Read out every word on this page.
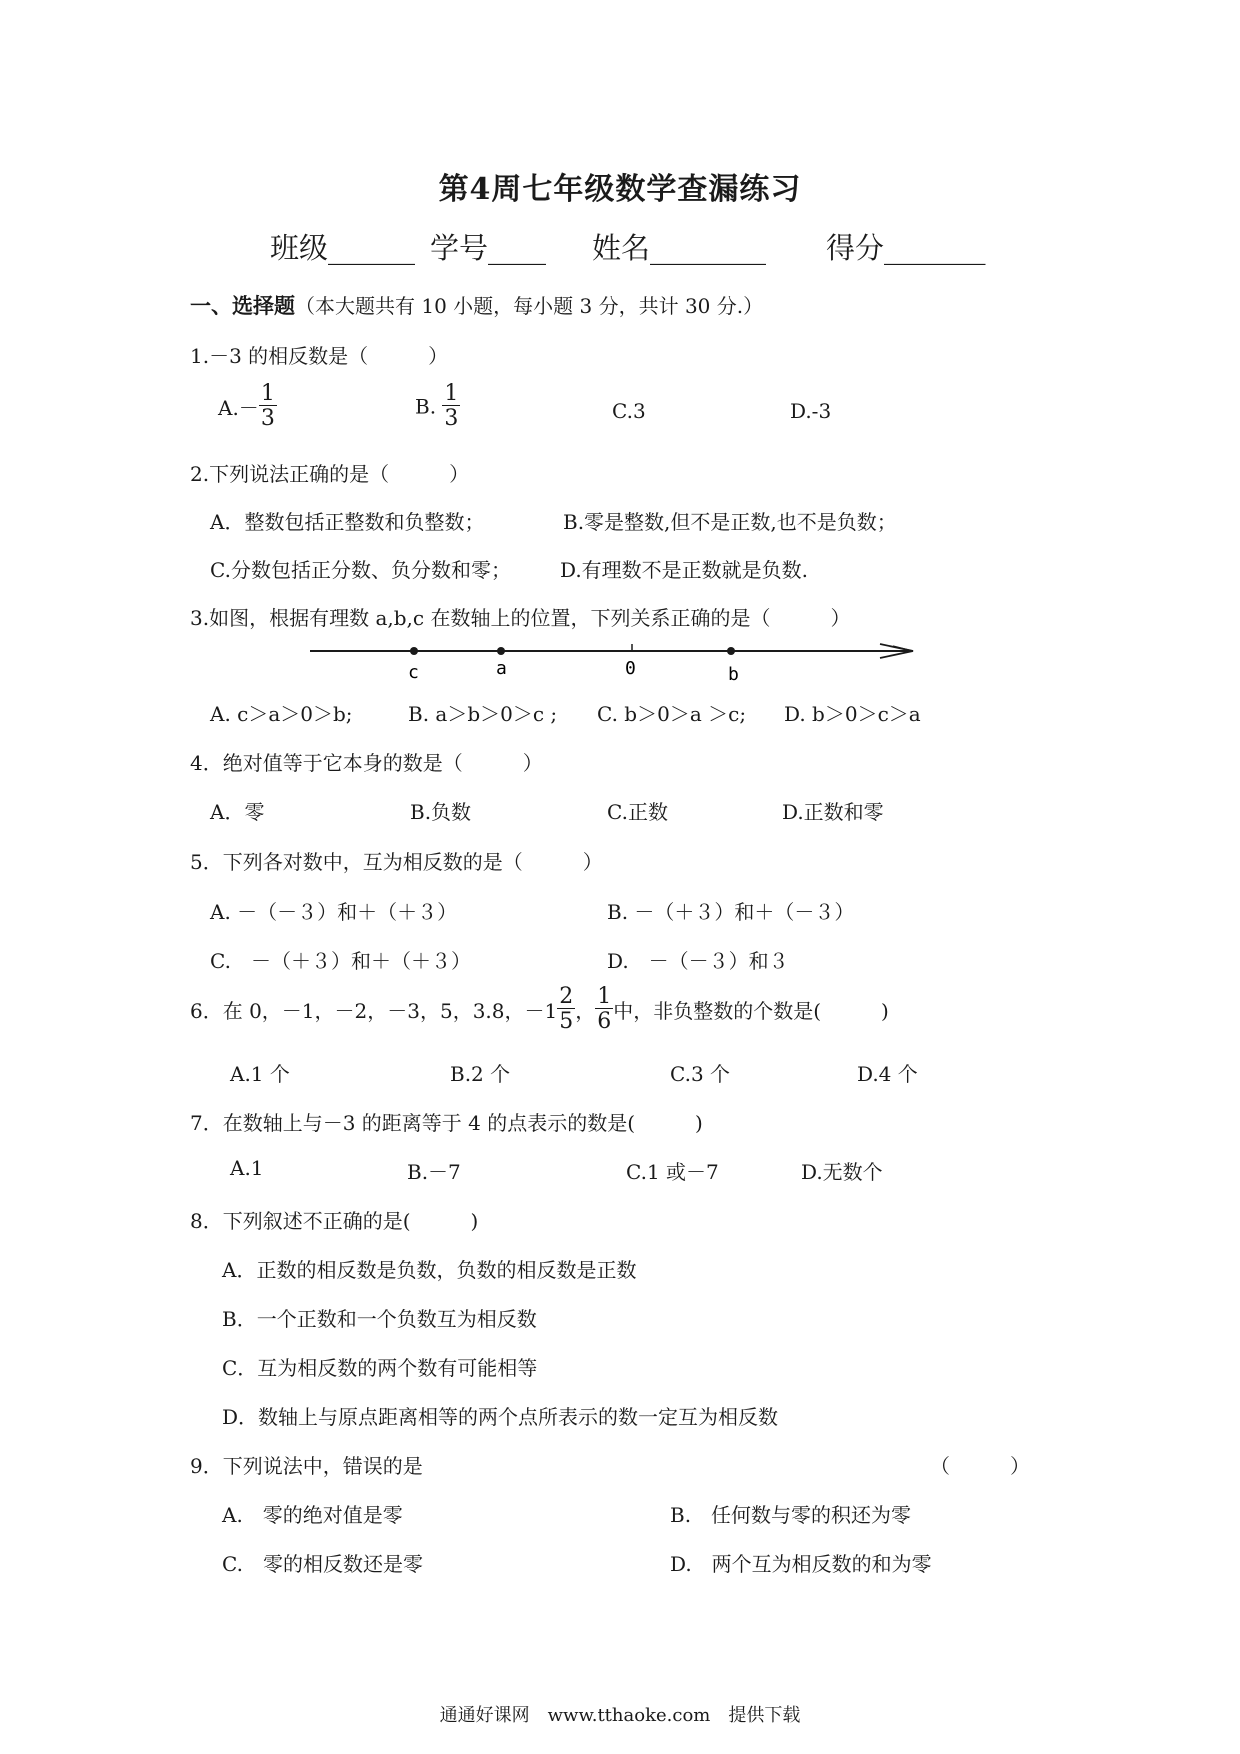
第4周七年级数学查漏练习
班级______ 学号____ 姓名________ 得分_______
一、选择题（本大题共有 10 小题，每小题 3 分，共计 30 分.）
1.－3 的相反数是（　　　）
$A.- \frac{1}{3}$	B. $\frac{1}{3}$	C.3	D.-3
2.下列说法正确的是（　　　）
A．整数包括正整数和负整数；	B.零是整数,但不是正数,也不是负数；
C.分数包括正分数、负分数和零； D.有理数不是正数就是负数.
3.如图，根据有理数 a,b,c 在数轴上的位置，下列关系正确的是（　　　）
c	a	0	b
A. c＞a＞0＞b;	B. a＞b＞0＞c ; C. b＞0＞a ＞c; D. b＞0＞c＞a
4．绝对值等于它本身的数是（　　　）
A．零	B.负数	C.正数	D.正数和零
5．下列各对数中，互为相反数的是（　　　）
A. －（－３）和＋（＋３）	B. －（＋３）和＋（－３）
C.　－（＋３）和＋（＋３）	D.　－（－３）和３
6．在 0，－1，－2，－3，5，3.8，$-1 \frac{2}{5}$ ， $\frac{1}{6}$ 中，非负整数的个数是(　　　)
A.1 个	B.2 个	C.3 个	D.4 个
7．在数轴上与－3 的距离等于 4 的点表示的数是(　　　)
A.1	B.－7	C.1 或－7	D.无数个
8．下列叙述不正确的是(　　　)
A．正数的相反数是负数，负数的相反数是正数
B．一个正数和一个负数互为相反数
C．互为相反数的两个数有可能相等
D．数轴上与原点距离相等的两个点所表示的数一定互为相反数
9．下列说法中，错误的是	（　　　）
A.　零的绝对值是零	B.　任何数与零的积还为零
C.　零的相反数还是零	D.　两个互为相反数的和为零
通通好课网　www.tthaoke.com　提供下载
